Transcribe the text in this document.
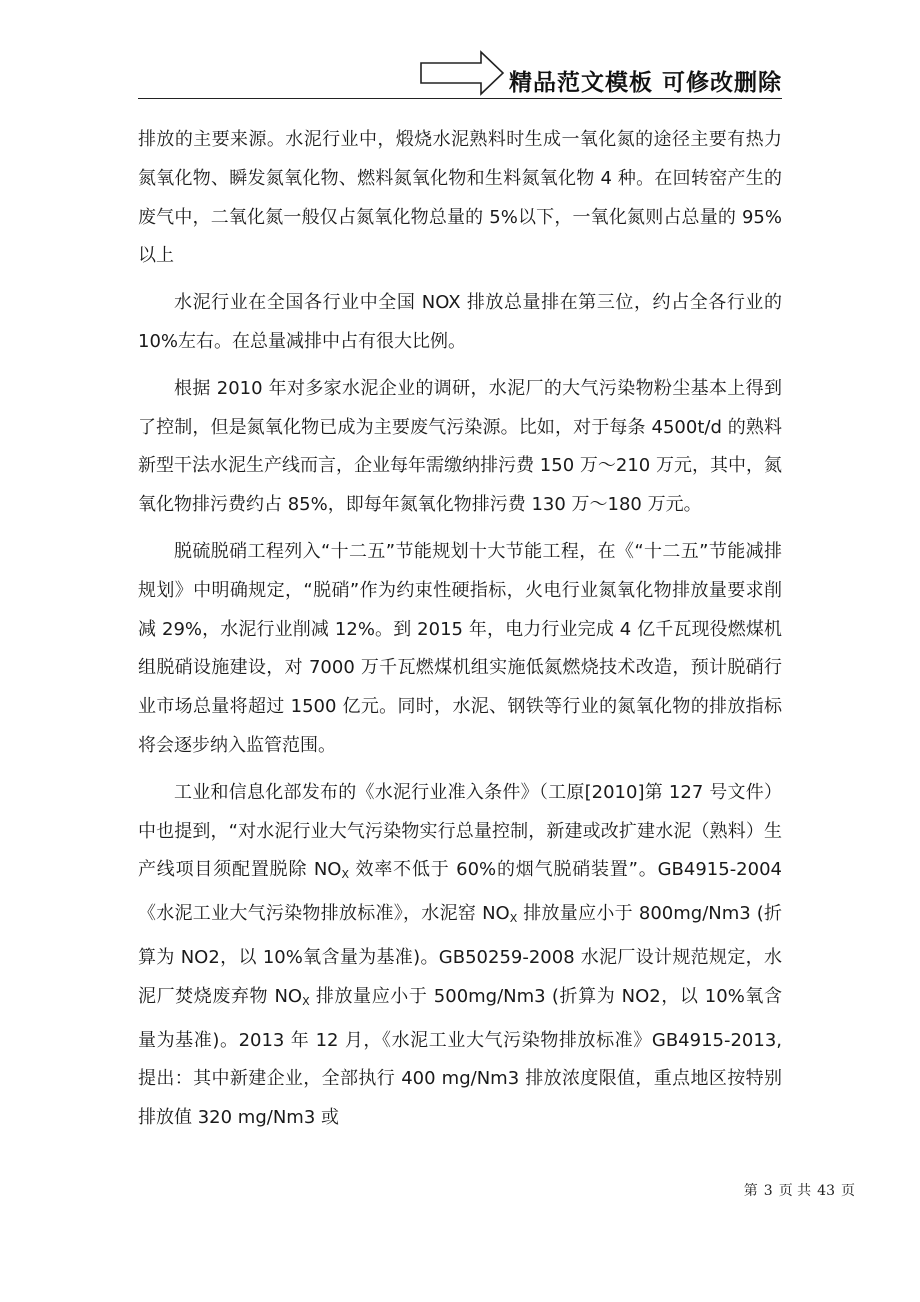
精品范文模板 可修改删除

排放的主要来源。水泥行业中，煅烧水泥熟料时生成一氧化氮的途径主要有热力氮氧化物、瞬发氮氧化物、燃料氮氧化物和生料氮氧化物 4 种。在回转窑产生的废气中，二氧化氮一般仅占氮氧化物总量的 5%以下，一氧化氮则占总量的 95%以上

水泥行业在全国各行业中全国 NOX 排放总量排在第三位，约占全各行业的 10%左右。在总量减排中占有很大比例。

根据 2010 年对多家水泥企业的调研，水泥厂的大气污染物粉尘基本上得到了控制，但是氮氧化物已成为主要废气污染源。比如，对于每条 4500t/d 的熟料新型干法水泥生产线而言，企业每年需缴纳排污费 150 万～210 万元，其中，氮氧化物排污费约占 85%，即每年氮氧化物排污费 130 万～180 万元。

脱硫脱硝工程列入“十二五”节能规划十大节能工程，在《“十二五”节能减排规划》中明确规定，“脱硝”作为约束性硬指标，火电行业氮氧化物排放量要求削减 29%，水泥行业削减 12%。到 2015 年，电力行业完成 4 亿千瓦现役燃煤机组脱硝设施建设，对 7000 万千瓦燃煤机组实施低氮燃烧技术改造，预计脱硝行业市场总量将超过 1500 亿元。同时，水泥、钢铁等行业的氮氧化物的排放指标将会逐步纳入监管范围。

工业和信息化部发布的《水泥行业准入条件》（工原[2010]第 127 号文件）中也提到，“对水泥行业大气污染物实行总量控制，新建或改扩建水泥（熟料）生产线项目须配置脱除 $NO_X$ 效率不低于 60%的烟气脱硝装置”。GB4915-2004《水泥工业大气污染物排放标准》，水泥窑 $NO_X$ 排放量应小于 800mg/Nm3 (折算为 NO2，以 10%氧含量为基准)。GB50259-2008 水泥厂设计规范规定，水泥厂焚烧废弃物 $NO_X$ 排放量应小于 500mg/Nm3 (折算为 NO2，以 10%氧含量为基准)。2013 年 12 月，《水泥工业大气污染物排放标准》GB4915-2013,提出：其中新建企业，全部执行 400 mg/Nm3 排放浓度限值，重点地区按特别排放值 320 mg/Nm3 或

第 3 页 共 43 页
